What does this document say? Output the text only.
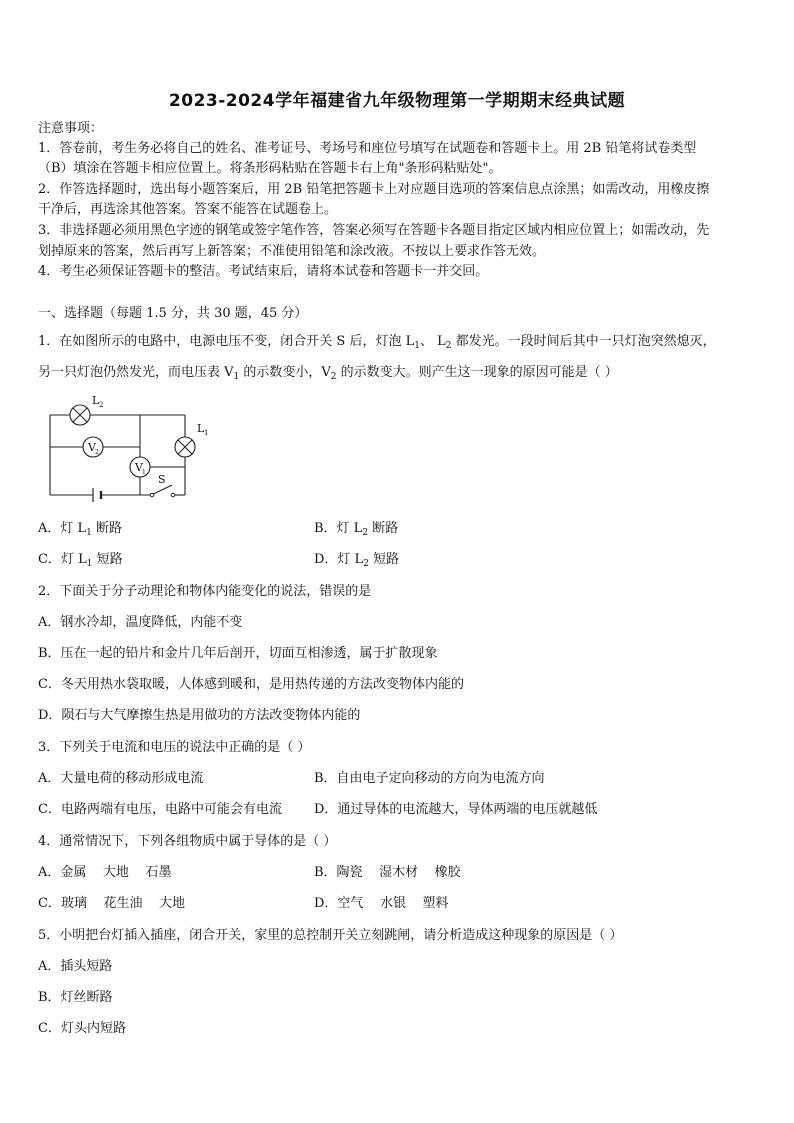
2023-2024学年福建省九年级物理第一学期期末经典试题
注意事项：
1．答卷前，考生务必将自己的姓名、准考证号、考场号和座位号填写在试题卷和答题卡上。用 2B 铅笔将试卷类型
（B）填涂在答题卡相应位置上。将条形码粘贴在答题卡右上角"条形码粘贴处"。
2．作答选择题时，选出每小题答案后，用 2B 铅笔把答题卡上对应题目选项的答案信息点涂黑；如需改动，用橡皮擦
干净后，再选涂其他答案。答案不能答在试题卷上。
3．非选择题必须用黑色字迹的钢笔或签字笔作答，答案必须写在答题卡各题目指定区域内相应位置上；如需改动，先
划掉原来的答案，然后再写上新答案；不准使用铅笔和涂改液。不按以上要求作答无效。
4．考生必须保证答题卡的整洁。考试结束后，请将本试卷和答题卡一并交回。
一、选择题（每题 1.5 分，共 30 题，45 分）
1．在如图所示的电路中，电源电压不变，闭合开关 S 后，灯泡 $L_1$、 $L_2$ 都发光。一段时间后其中一只灯泡突然熄灭，
另一只灯泡仍然发光，而电压表 $V_1$ 的示数变小，$V_2$ 的示数变大。则产生这一现象的原因可能是（ ）
V 2
V 1
L 2
L 1
S
A．灯 $L_1$ 断路	B．灯 $L_2$ 断路
C．灯 $L_1$ 短路	D．灯 $L_2$ 短路
2．下面关于分子动理论和物体内能变化的说法，错误的是
A．钢水冷却，温度降低，内能不变
B．压在一起的铅片和金片几年后剖开，切面互相渗透，属于扩散现象
C．冬天用热水袋取暖，人体感到暖和，是用热传递的方法改变物体内能的
D．陨石与大气摩擦生热是用做功的方法改变物体内能的
3．下列关于电流和电压的说法中正确的是（ ）
A．大量电荷的移动形成电流	B．自由电子定向移动的方向为电流方向
C．电路两端有电压，电路中可能会有电流 D．通过导体的电流越大，导体两端的电压就越低
4．通常情况下，下列各组物质中属于导体的是（ ）
A．金属    大地    石墨	B．陶瓷    湿木材    橡胶
C．玻璃    花生油    大地	D．空气    水银    塑料
5．小明把台灯插入插座，闭合开关，家里的总控制开关立刻跳闸，请分析造成这种现象的原因是（ ）
A．插头短路
B．灯丝断路
C．灯头内短路
